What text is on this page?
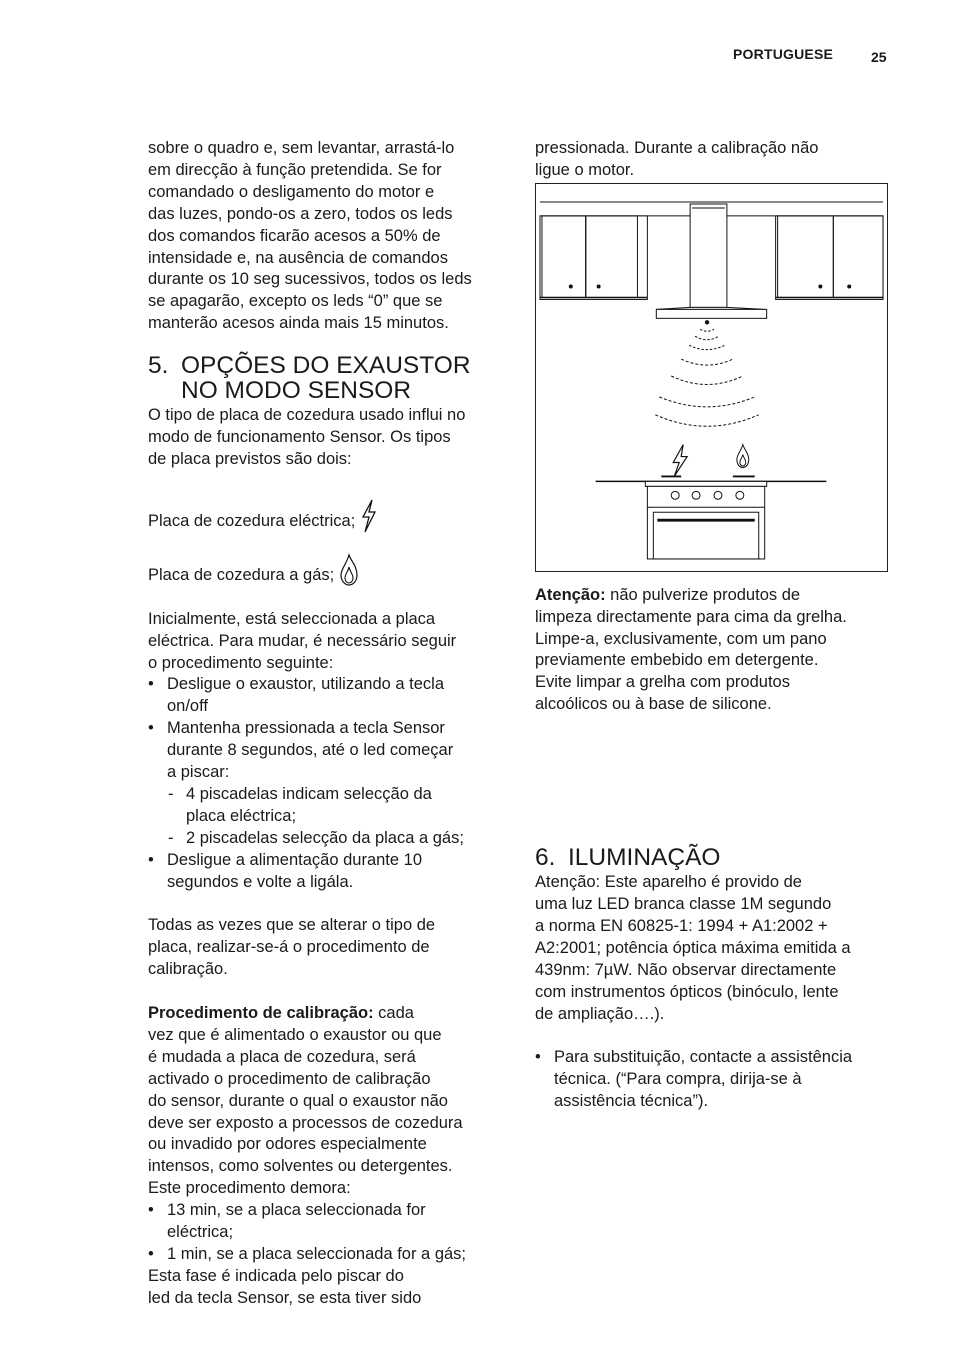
PORTUGUESE	25
sobre o quadro e, sem levantar, arrastá-lo
em direcção à função pretendida. Se for
comandado o desligamento do motor e
das luzes, pondo-os a zero, todos os leds
dos comandos ficarão acesos a 50% de
intensidade e, na ausência de comandos
durante os 10 seg sucessivos, todos os leds
se apagarão, excepto os leds “0” que se
manterão acesos ainda mais 15 minutos.
5. OPÇÕES DO EXAUSTOR
NO MODO SENSOR
O tipo de placa de cozedura usado influi no
modo de funcionamento Sensor. Os tipos
de placa previstos são dois:
Placa de cozedura eléctrica;
Placa de cozedura a gás;
Inicialmente, está seleccionada a placa
eléctrica. Para mudar, é necessário seguir
o procedimento seguinte:
• Desligue o exaustor, utilizando a tecla
on/off
• Mantenha pressionada a tecla Sensor
durante 8 segundos, até o led começar
a piscar:
- 4 piscadelas indicam selecção da
placa eléctrica;
- 2 piscadelas selecção da placa a gás;
• Desligue a alimentação durante 10
segundos e volte a ligála.
Todas as vezes que se alterar o tipo de
placa, realizar-se-á o procedimento de
calibração.
Procedimento de calibração: cada
vez que é alimentado o exaustor ou que
é mudada a placa de cozedura, será
activado o procedimento de calibração
do sensor, durante o qual o exaustor não
deve ser exposto a processos de cozedura
ou invadido por odores especialmente
intensos, como solventes ou detergentes.
Este procedimento demora:
• 13 min, se a placa seleccionada for
eléctrica;
• 1 min, se a placa seleccionada for a gás;
Esta fase é indicada pelo piscar do
led da tecla Sensor, se esta tiver sido
pressionada. Durante a calibração não
ligue o motor.
Atenção: não pulverize produtos de
limpeza directamente para cima da grelha.
Limpe-a, exclusivamente, com um pano
previamente embebido em detergente.
Evite limpar a grelha com produtos
alcoólicos ou à base de silicone.
6. ILUMINAÇÃO
Atenção: Este aparelho é provido de
uma luz LED branca classe 1M segundo
a norma EN 60825-1: 1994 + A1:2002 +
A2:2001; potência óptica máxima emitida a
439nm: 7µW. Não observar directamente
com instrumentos ópticos (binóculo, lente
de ampliação….).
• Para substituição, contacte a assistência
técnica. (“Para compra, dirija-se à
assistência técnica”).
